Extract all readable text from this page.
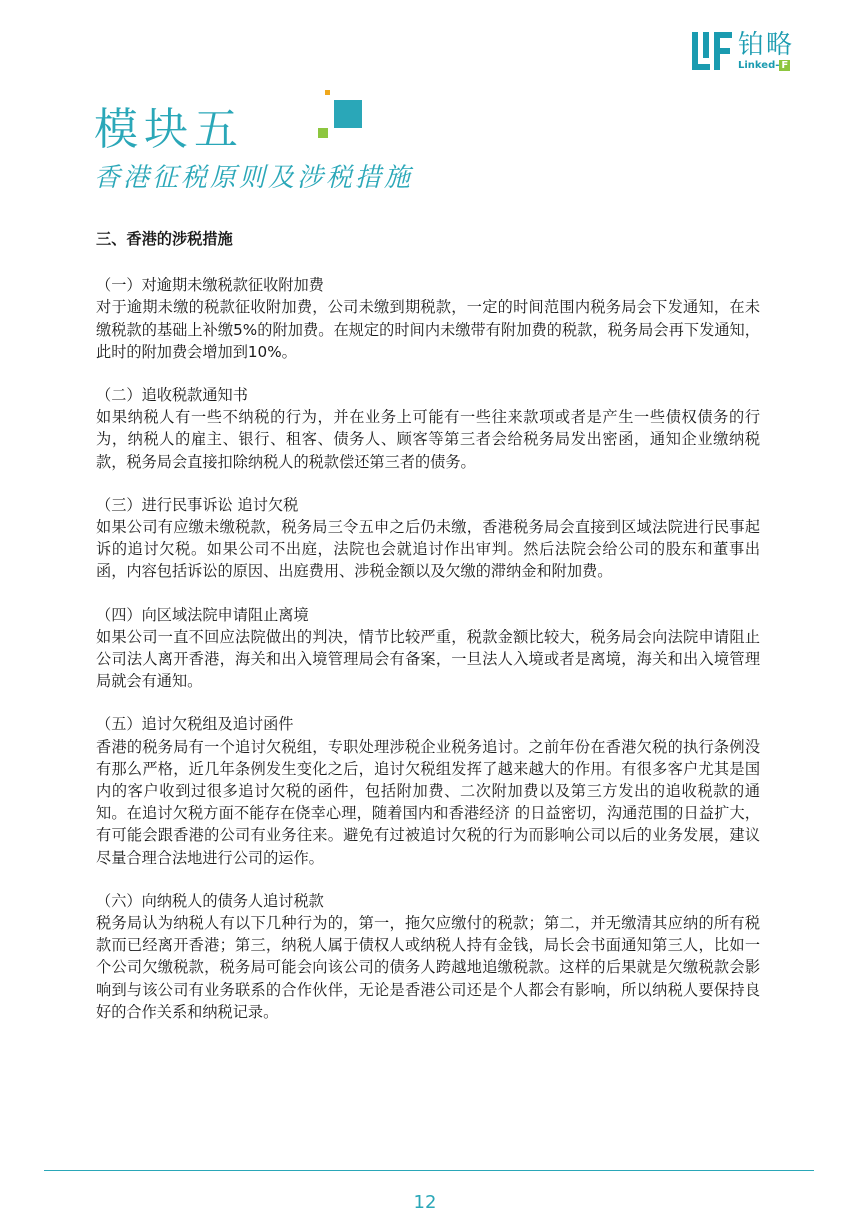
铂略
Linked- F
模块五
香港征税原则及涉税措施

三、香港的涉税措施

（一）对逾期未缴税款征收附加费

对于逾期未缴的税款征收附加费，公司未缴到期税款，一定的时间范围内税务局会下发通知，在未缴税款的基础上补缴5%的附加费。在规定的时间内未缴带有附加费的税款，税务局会再下发通知，此时的附加费会增加到10%。

（二）追收税款通知书

如果纳税人有一些不纳税的行为，并在业务上可能有一些往来款项或者是产生一些债权债务的行为，纳税人的雇主、银行、租客、债务人、顾客等第三者会给税务局发出密函，通知企业缴纳税款，税务局会直接扣除纳税人的税款偿还第三者的债务。

（三）进行民事诉讼 追讨欠税

如果公司有应缴未缴税款，税务局三令五申之后仍未缴，香港税务局会直接到区域法院进行民事起诉的追讨欠税。如果公司不出庭，法院也会就追讨作出审判。然后法院会给公司的股东和董事出函，内容包括诉讼的原因、出庭费用、涉税金额以及欠缴的滞纳金和附加费。

（四）向区域法院申请阻止离境

如果公司一直不回应法院做出的判决，情节比较严重，税款金额比较大，税务局会向法院申请阻止公司法人离开香港，海关和出入境管理局会有备案，一旦法人入境或者是离境，海关和出入境管理局就会有通知。

（五）追讨欠税组及追讨函件

香港的税务局有一个追讨欠税组，专职处理涉税企业税务追讨。之前年份在香港欠税的执行条例没有那么严格，近几年条例发生变化之后，追讨欠税组发挥了越来越大的作用。有很多客户尤其是国内的客户收到过很多追讨欠税的函件，包括附加费、二次附加费以及第三方发出的追收税款的通知。在追讨欠税方面不能存在侥幸心理，随着国内和香港经济 的日益密切，沟通范围的日益扩大，有可能会跟香港的公司有业务往来。避免有过被追讨欠税的行为而影响公司以后的业务发展，建议尽量合理合法地进行公司的运作。

（六）向纳税人的债务人追讨税款

税务局认为纳税人有以下几种行为的，第一，拖欠应缴付的税款；第二，并无缴清其应纳的所有税款而已经离开香港；第三，纳税人属于债权人或纳税人持有金钱，局长会书面通知第三人，比如一个公司欠缴税款，税务局可能会向该公司的债务人跨越地追缴税款。这样的后果就是欠缴税款会影响到与该公司有业务联系的合作伙伴，无论是香港公司还是个人都会有影响，所以纳税人要保持良好的合作关系和纳税记录。

12
